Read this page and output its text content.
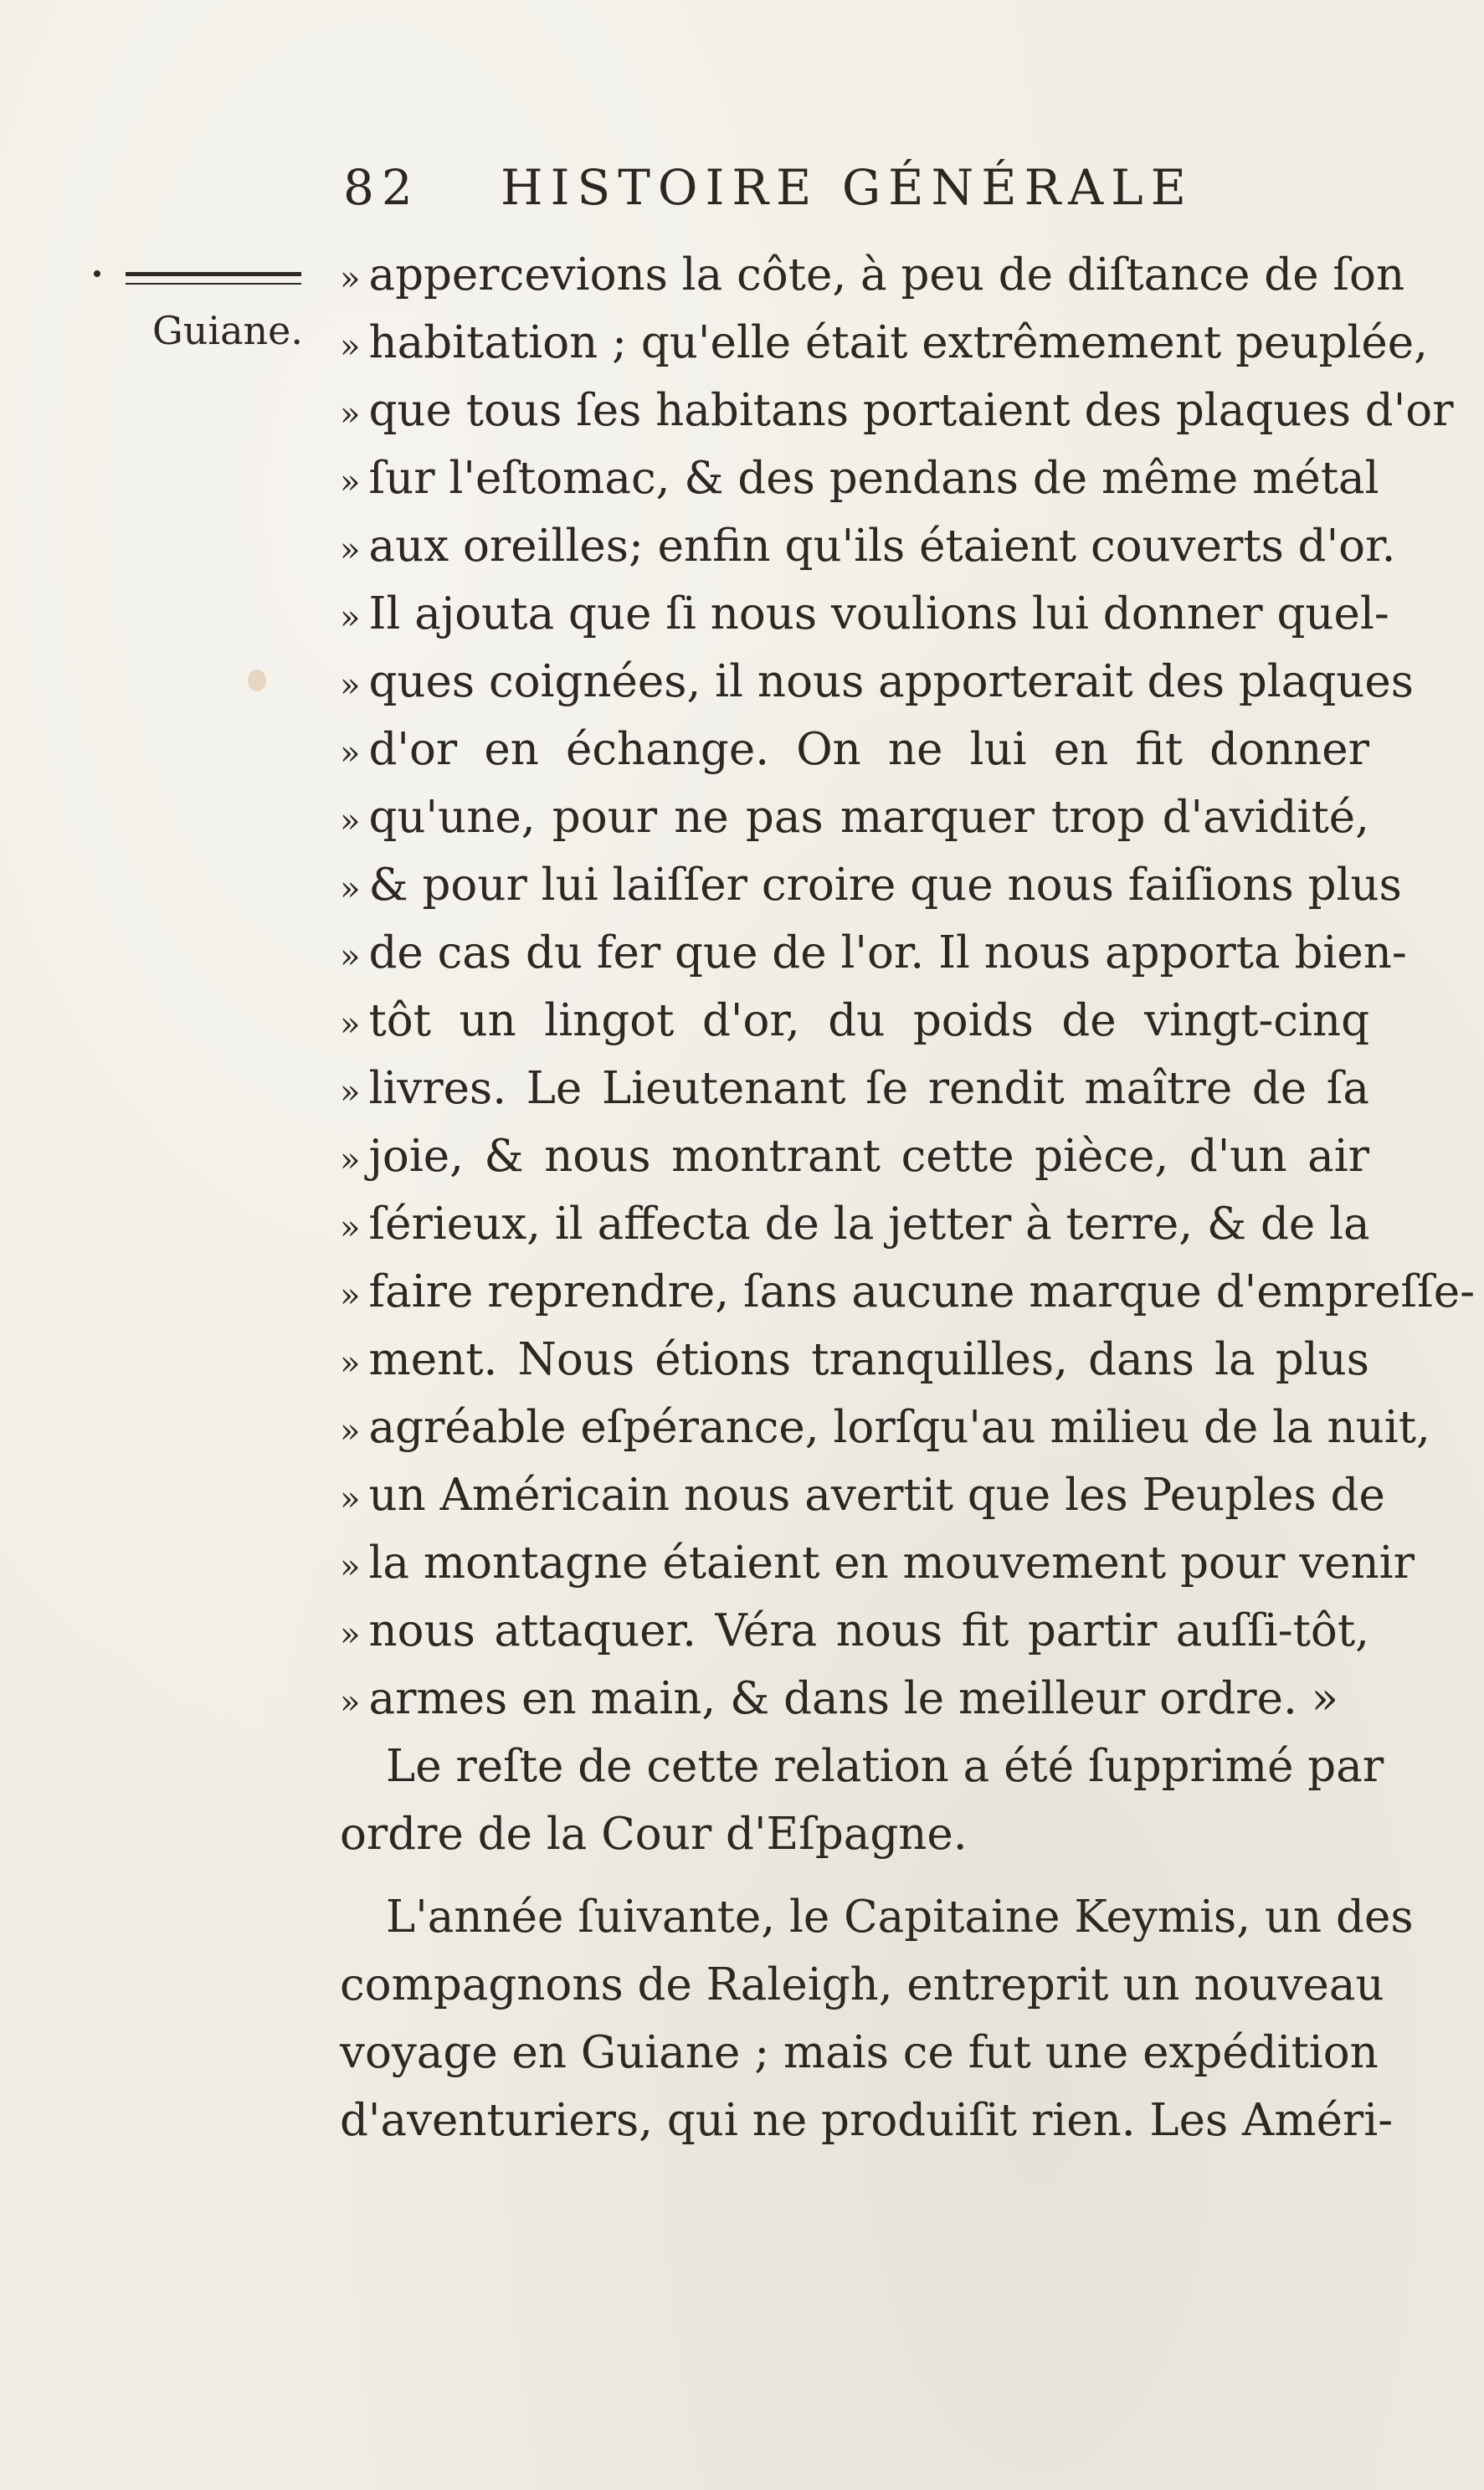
82 HISTOIRE GÉNÉRALE
Guiane.
» appercevions la côte, à peu de diſtance de ſon
» habitation ; qu'elle était extrêmement peuplée,
» que tous ſes habitans portaient des plaques d'or
» ſur l'eſtomac, & des pendans de même métal
» aux oreilles; enfin qu'ils étaient couverts d'or.
» Il ajouta que ſi nous voulions lui donner quel-
» ques coignées, il nous apporterait des plaques
» d'or en échange. On ne lui en fit donner
» qu'une, pour ne pas marquer trop d'avidité,
» & pour lui laiſſer croire que nous faiſions plus
» de cas du fer que de l'or. Il nous apporta bien-
» tôt un lingot d'or, du poids de vingt-cinq
» livres. Le Lieutenant ſe rendit maître de ſa
» joie, & nous montrant cette pièce, d'un air
» ſérieux, il affecta de la jetter à terre, & de la
» faire reprendre, ſans aucune marque d'empreſſe-
» ment. Nous étions tranquilles, dans la plus
» agréable eſpérance, lorſqu'au milieu de la nuit,
» un Américain nous avertit que les Peuples de
» la montagne étaient en mouvement pour venir
» nous attaquer. Véra nous fit partir auſſi-tôt,
» armes en main, & dans le meilleur ordre. »
Le reſte de cette relation a été ſupprimé par
ordre de la Cour d'Eſpagne.
L'année ſuivante, le Capitaine Keymis, un des
compagnons de Raleigh, entreprit un nouveau
voyage en Guiane ; mais ce fut une expédition
d'aventuriers, qui ne produiſit rien. Les Améri-
